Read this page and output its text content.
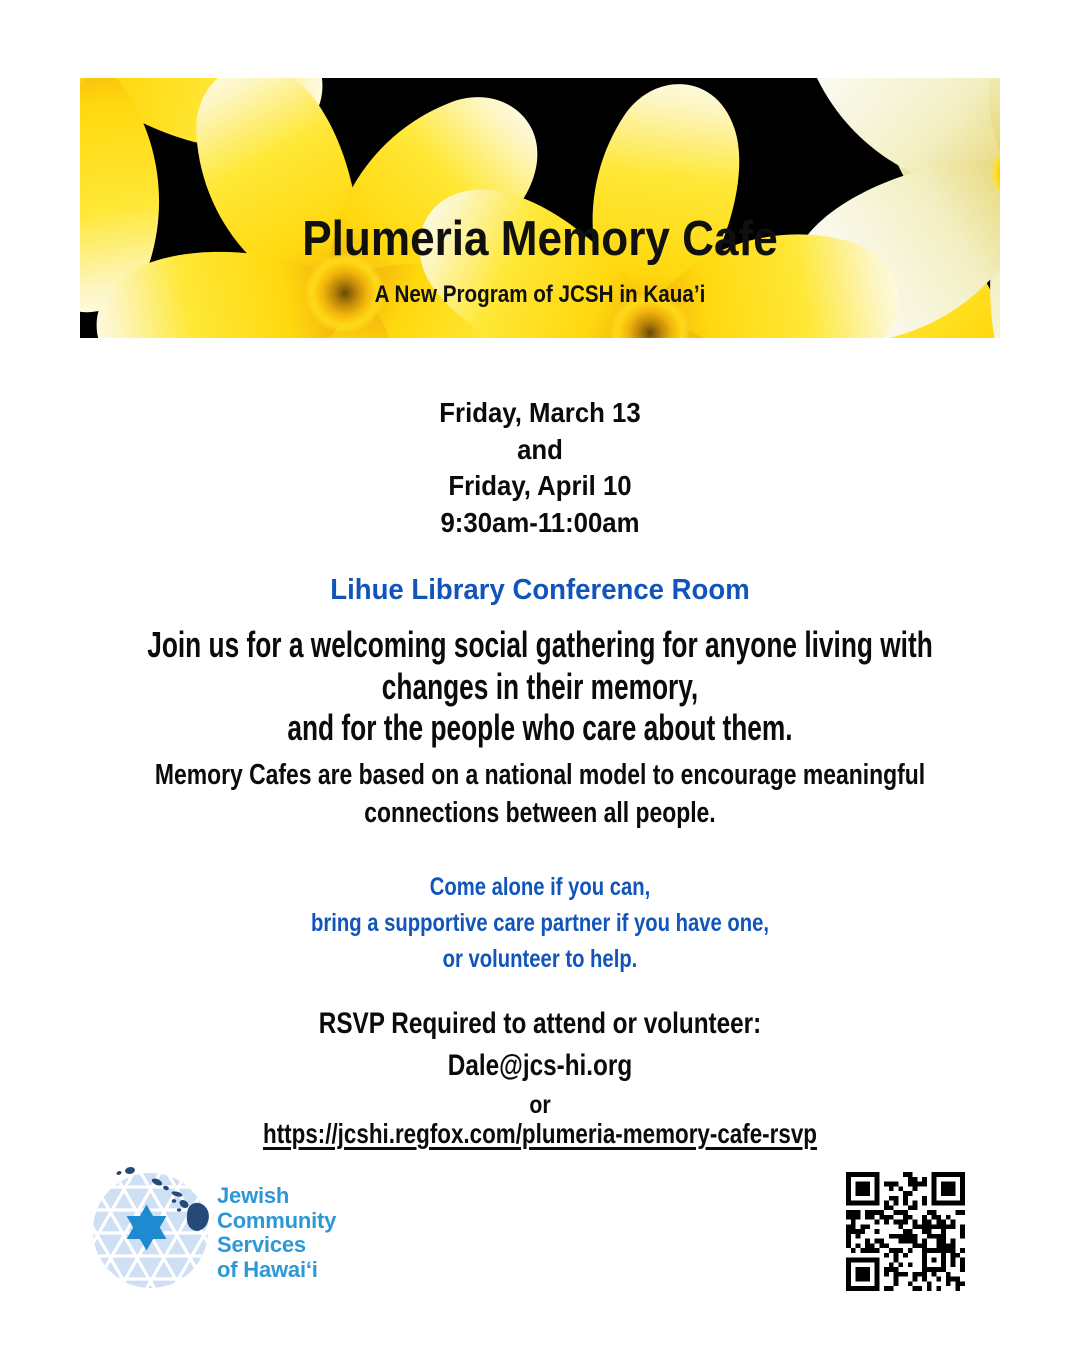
Plumeria Memory Cafe
A New Program of JCSH in Kaua’i
Friday, March 13
and
Friday, April 10
9:30am-11:00am
Lihue Library Conference Room
Join us for a welcoming social gathering for anyone living with
changes in their memory,
and for the people who care about them.
Memory Cafes are based on a national model to encourage meaningful
connections between all people.
Come alone if you can,
bring a supportive care partner if you have one,
or volunteer to help.
RSVP Required to attend or volunteer:
Dale@jcs-hi.org
or
https://jcshi.regfox.com/plumeria-memory-cafe-rsvp
Jewish
Community
Services
of Hawaiʻi
